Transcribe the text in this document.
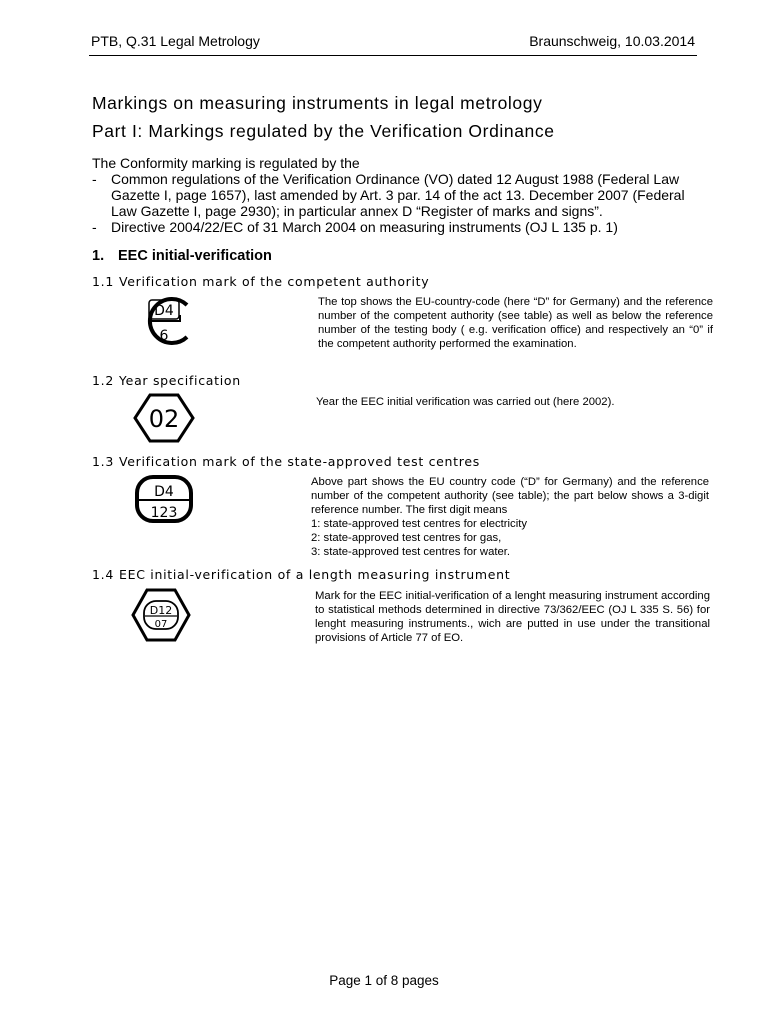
PTB, Q.31 Legal Metrology	Braunschweig, 10.03.2014
Markings on measuring instruments in legal metrology
Part I: Markings regulated by the Verification Ordinance

The Conformity marking is regulated by the

- Common regulations of the Verification Ordinance (VO) dated 12 August 1988 (Federal Law Gazette I, page 1657), last amended by Art. 3 par. 14 of the act 13. December 2007 (Federal Law Gazette I, page 2930); in particular annex D “Register of marks and signs”.
- Directive 2004/22/EC of 31 March 2004 on measuring instruments (OJ L 135 p. 1)
1. EEC initial-verification
1.1 Verification mark of the competent authority
D4
6
The top shows the EU-country-code (here “D” for Germany) and the reference number of the competent authority (see table) as well as below the reference number of the testing body ( e.g. verification office) and respectively an “0” if the competent authority performed the examination.
1.2 Year specification
02
Year the EEC initial verification was carried out (here 2002).
1.3 Verification mark of the state-approved test centres
D4
123
Above part shows the EU country code (“D” for Germany) and the reference number of the competent authority (see table); the part below shows a 3-digit reference number. The first digit means
1: state-approved test centres for electricity
2: state-approved test centres for gas,
3: state-approved test centres for water.
1.4 EEC initial-verification of a length measuring instrument
D12
07
Mark for the EEC initial-verification of a lenght measuring instrument according to statistical methods determined in directive 73/362/EEC (OJ L 335 S. 56) for lenght measuring instruments., wich are putted in use under the transitional provisions of Article 77 of EO.
Page 1 of 8 pages
